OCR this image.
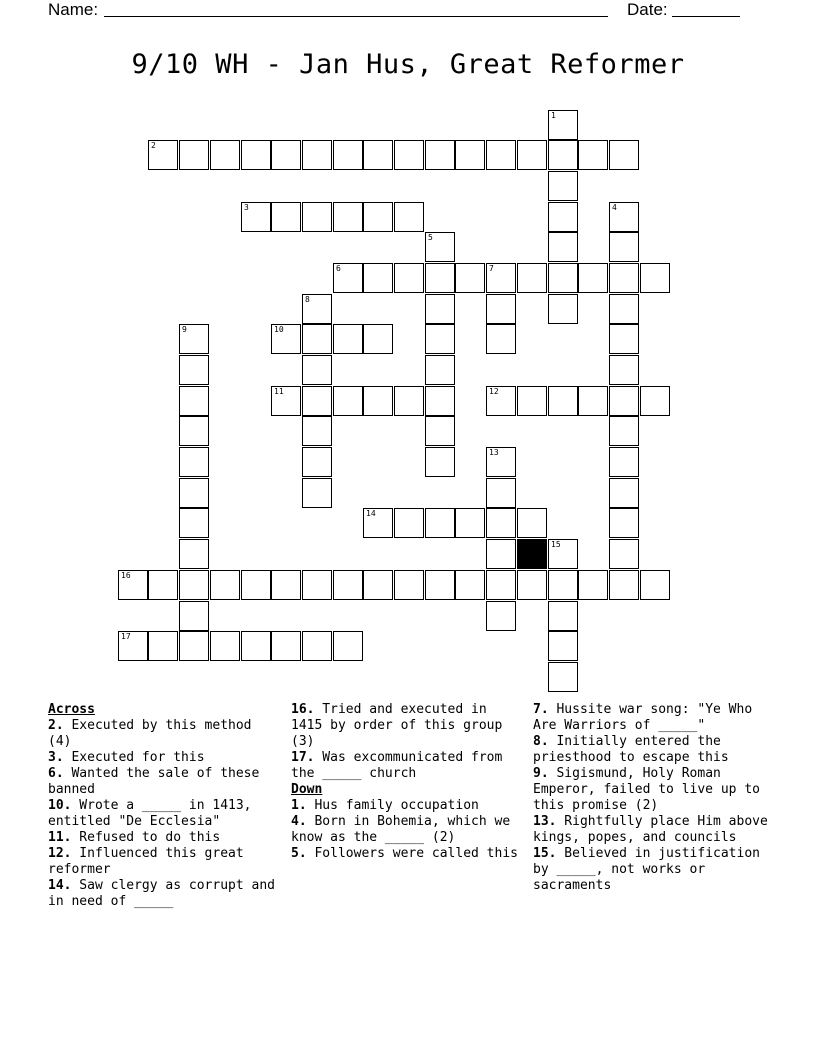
Name:	Date:
9/10 WH - Jan Hus, Great Reformer
1
2
3	4
5
6	7
8
9	10
11	12
13
14
15
16
17
Across
2. Executed by this method (4)
3. Executed for this
6. Wanted the sale of these banned
10. Wrote a _____ in 1413, entitled "De Ecclesia"
11. Refused to do this
12. Influenced this great reformer
14. Saw clergy as corrupt and in need of _____
16. Tried and executed in 1415 by order of this group (3)
17. Was excommunicated from the _____ church
Down
1. Hus family occupation
4. Born in Bohemia, which we know as the _____ (2)
5. Followers were called this
7. Hussite war song: "Ye Who Are Warriors of _____"
8. Initially entered the priesthood to escape this
9. Sigismund, Holy Roman Emperor, failed to live up to this promise (2)
13. Rightfully place Him above kings, popes, and councils
15. Believed in justification by _____, not works or sacraments
